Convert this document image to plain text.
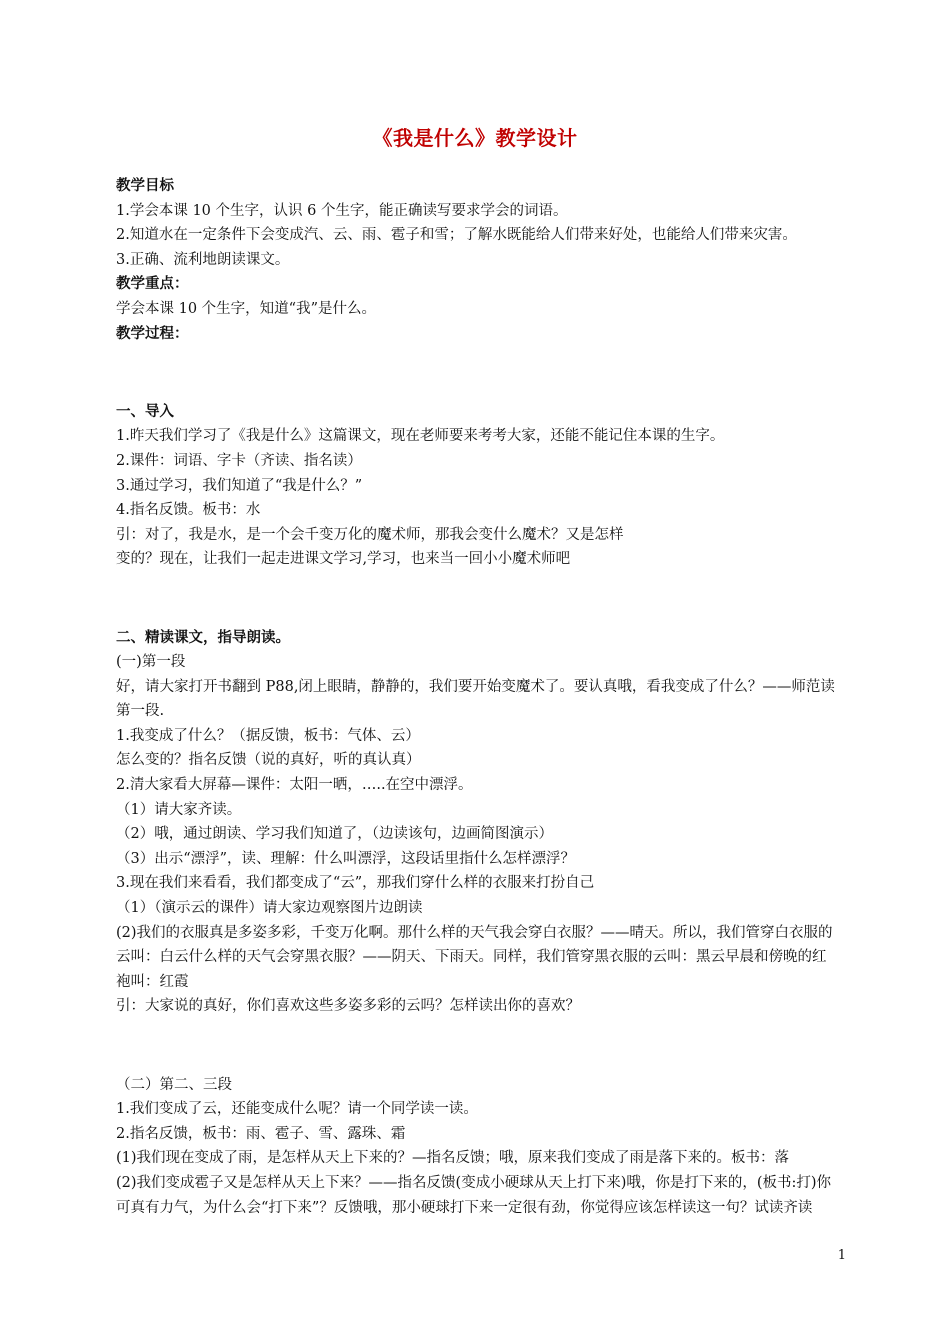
《我是什么》教学设计

教学目标

1.学会本课 10 个生字，认识 6 个生字，能正确读写要求学会的词语。

2.知道水在一定条件下会变成汽、云、雨、雹子和雪；了解水既能给人们带来好处，也能给人们带来灾害。

3.正确、流利地朗读课文。

教学重点：

学会本课 10 个生字，知道“我”是什么。

教学过程：

一、导入

1.昨天我们学习了《我是什么》这篇课文，现在老师要来考考大家，还能不能记住本课的生字。

2.课件：词语、字卡（齐读、指名读）

3.通过学习，我们知道了“我是什么？”

4.指名反馈。板书：水

引：对了，我是水，是一个会千变万化的魔术师，那我会变什么魔术？又是怎样

变的？现在，让我们一起走进课文学习,学习，也来当一回小小魔术师吧

二、精读课文，指导朗读。

(一)第一段

好，请大家打开书翻到 P88,闭上眼睛，静静的，我们要开始变魔术了。要认真哦，看我变成了什么？——师范读第一段.

1.我变成了什么？（据反馈，板书：气体、云）

怎么变的？指名反馈（说的真好，听的真认真）

2.清大家看大屏幕—课件：太阳一晒，…..在空中漂浮。

（1）请大家齐读。

（2）哦，通过朗读、学习我们知道了，（边读该句，边画简图演示）

（3）出示“漂浮”，读、理解：什么叫漂浮，这段话里指什么怎样漂浮？

3.现在我们来看看，我们都变成了“云”，那我们穿什么样的衣服来打扮自己

（1）（演示云的课件）请大家边观察图片边朗读

(2)我们的衣服真是多姿多彩，千变万化啊。那什么样的天气我会穿白衣服？——晴天。所以，我们管穿白衣服的云叫：白云什么样的天气会穿黑衣服？——阴天、下雨天。同样，我们管穿黑衣服的云叫：黑云早晨和傍晚的红袍叫：红霞

引：大家说的真好，你们喜欢这些多姿多彩的云吗？怎样读出你的喜欢？

（二）第二、三段

1.我们变成了云，还能变成什么呢？请一个同学读一读。

2.指名反馈，板书：雨、雹子、雪、露珠、霜

(1)我们现在变成了雨，是怎样从天上下来的？—指名反馈；哦，原来我们变成了雨是落下来的。板书：落

(2)我们变成雹子又是怎样从天上下来？——指名反馈(变成小硬球从天上打下来)哦，你是打下来的，(板书:打)你可真有力气，为什么会“打下来”？反馈哦，那小硬球打下来一定很有劲，你觉得应该怎样读这一句？试读齐读

1
